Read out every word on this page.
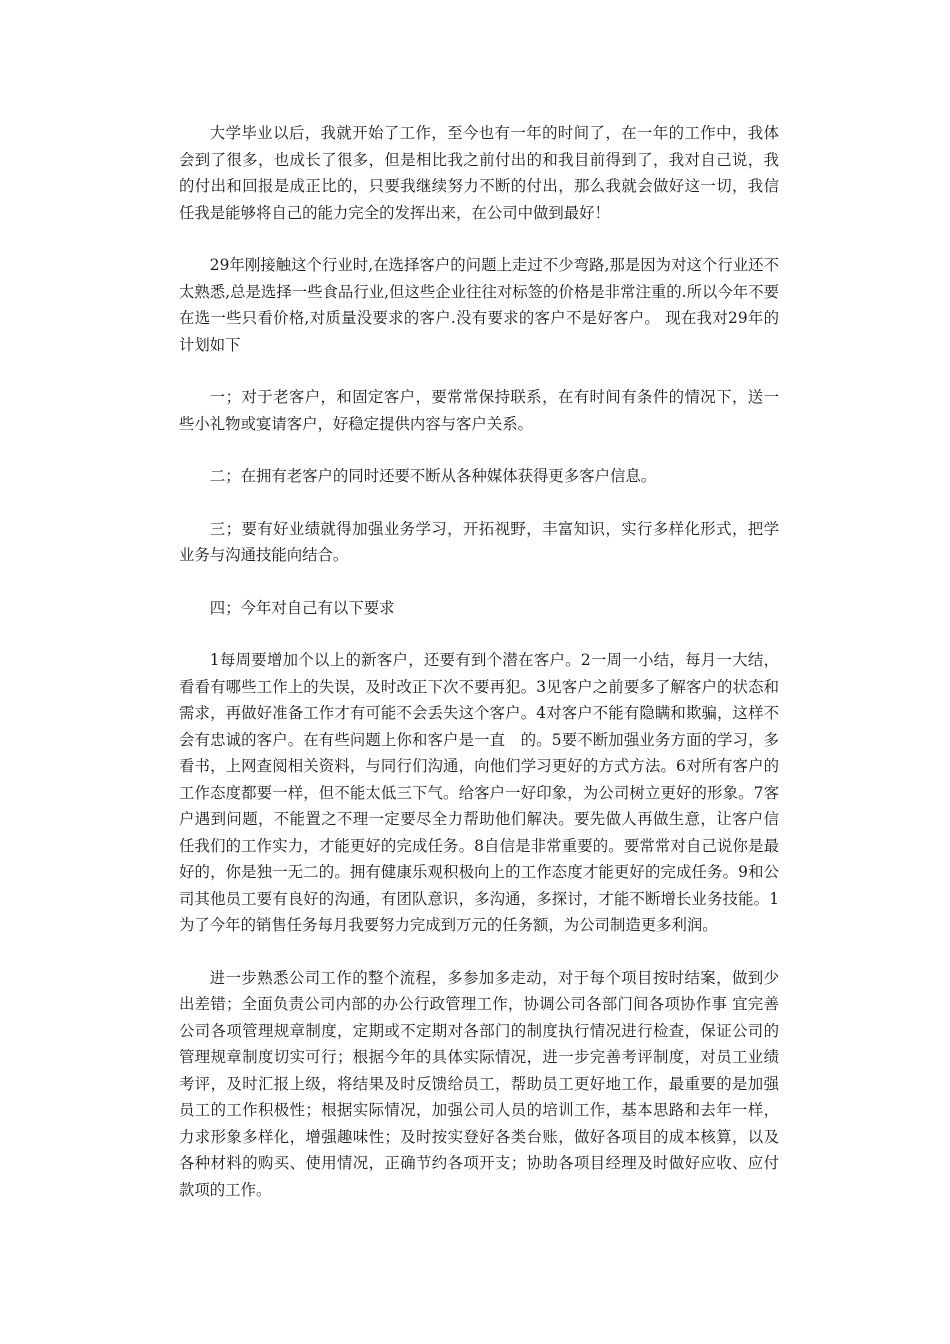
大学毕业以后，我就开始了工作，至今也有一年的时间了，在一年的工作中，我体会到了很多，也成长了很多，但是相比我之前付出的和我目前得到了，我对自己说，我的付出和回报是成正比的，只要我继续努力不断的付出，那么我就会做好这一切，我信任我是能够将自己的能力完全的发挥出来，在公司中做到最好！

29年刚接触这个行业时,在选择客户的问题上走过不少弯路,那是因为对这个行业还不太熟悉,总是选择一些食品行业,但这些企业往往对标签的价格是非常注重的.所以今年不要在选一些只看价格,对质量没要求的客户.没有要求的客户不是好客户。 现在我对29年的计划如下

一；对于老客户，和固定客户，要常常保持联系，在有时间有条件的情况下，送一些小礼物或宴请客户，好稳定提供内容与客户关系。

二；在拥有老客户的同时还要不断从各种媒体获得更多客户信息。

三；要有好业绩就得加强业务学习，开拓视野，丰富知识，实行多样化形式，把学业务与沟通技能向结合。

四；今年对自己有以下要求

1每周要增加个以上的新客户，还要有到个潜在客户。2一周一小结，每月一大结，看看有哪些工作上的失误，及时改正下次不要再犯。3见客户之前要多了解客户的状态和需求，再做好准备工作才有可能不会丢失这个客户。4对客户不能有隐瞒和欺骗，这样不会有忠诚的客户。在有些问题上你和客户是一直　的。5要不断加强业务方面的学习，多看书，上网查阅相关资料，与同行们沟通，向他们学习更好的方式方法。6对所有客户的工作态度都要一样，但不能太低三下气。给客户一好印象，为公司树立更好的形象。7客户遇到问题，不能置之不理一定要尽全力帮助他们解决。要先做人再做生意，让客户信任我们的工作实力，才能更好的完成任务。8自信是非常重要的。要常常对自己说你是最好的，你是独一无二的。拥有健康乐观积极向上的工作态度才能更好的完成任务。9和公司其他员工要有良好的沟通，有团队意识，多沟通，多探讨，才能不断增长业务技能。1为了今年的销售任务每月我要努力完成到万元的任务额，为公司制造更多利润。

进一步熟悉公司工作的整个流程，多参加多走动，对于每个项目按时结案，做到少出差错；全面负责公司内部的办公行政管理工作，协调公司各部门间各项协作事 宜完善公司各项管理规章制度，定期或不定期对各部门的制度执行情况进行检查，保证公司的管理规章制度切实可行；根据今年的具体实际情况，进一步完善考评制度，对员工业绩考评，及时汇报上级，将结果及时反馈给员工，帮助员工更好地工作，最重要的是加强员工的工作积极性；根据实际情况，加强公司人员的培训工作，基本思路和去年一样，力求形象多样化，增强趣味性；及时按实登好各类台账，做好各项目的成本核算，以及各种材料的购买、使用情况，正确节约各项开支；协助各项目经理及时做好应收、应付款项的工作。
